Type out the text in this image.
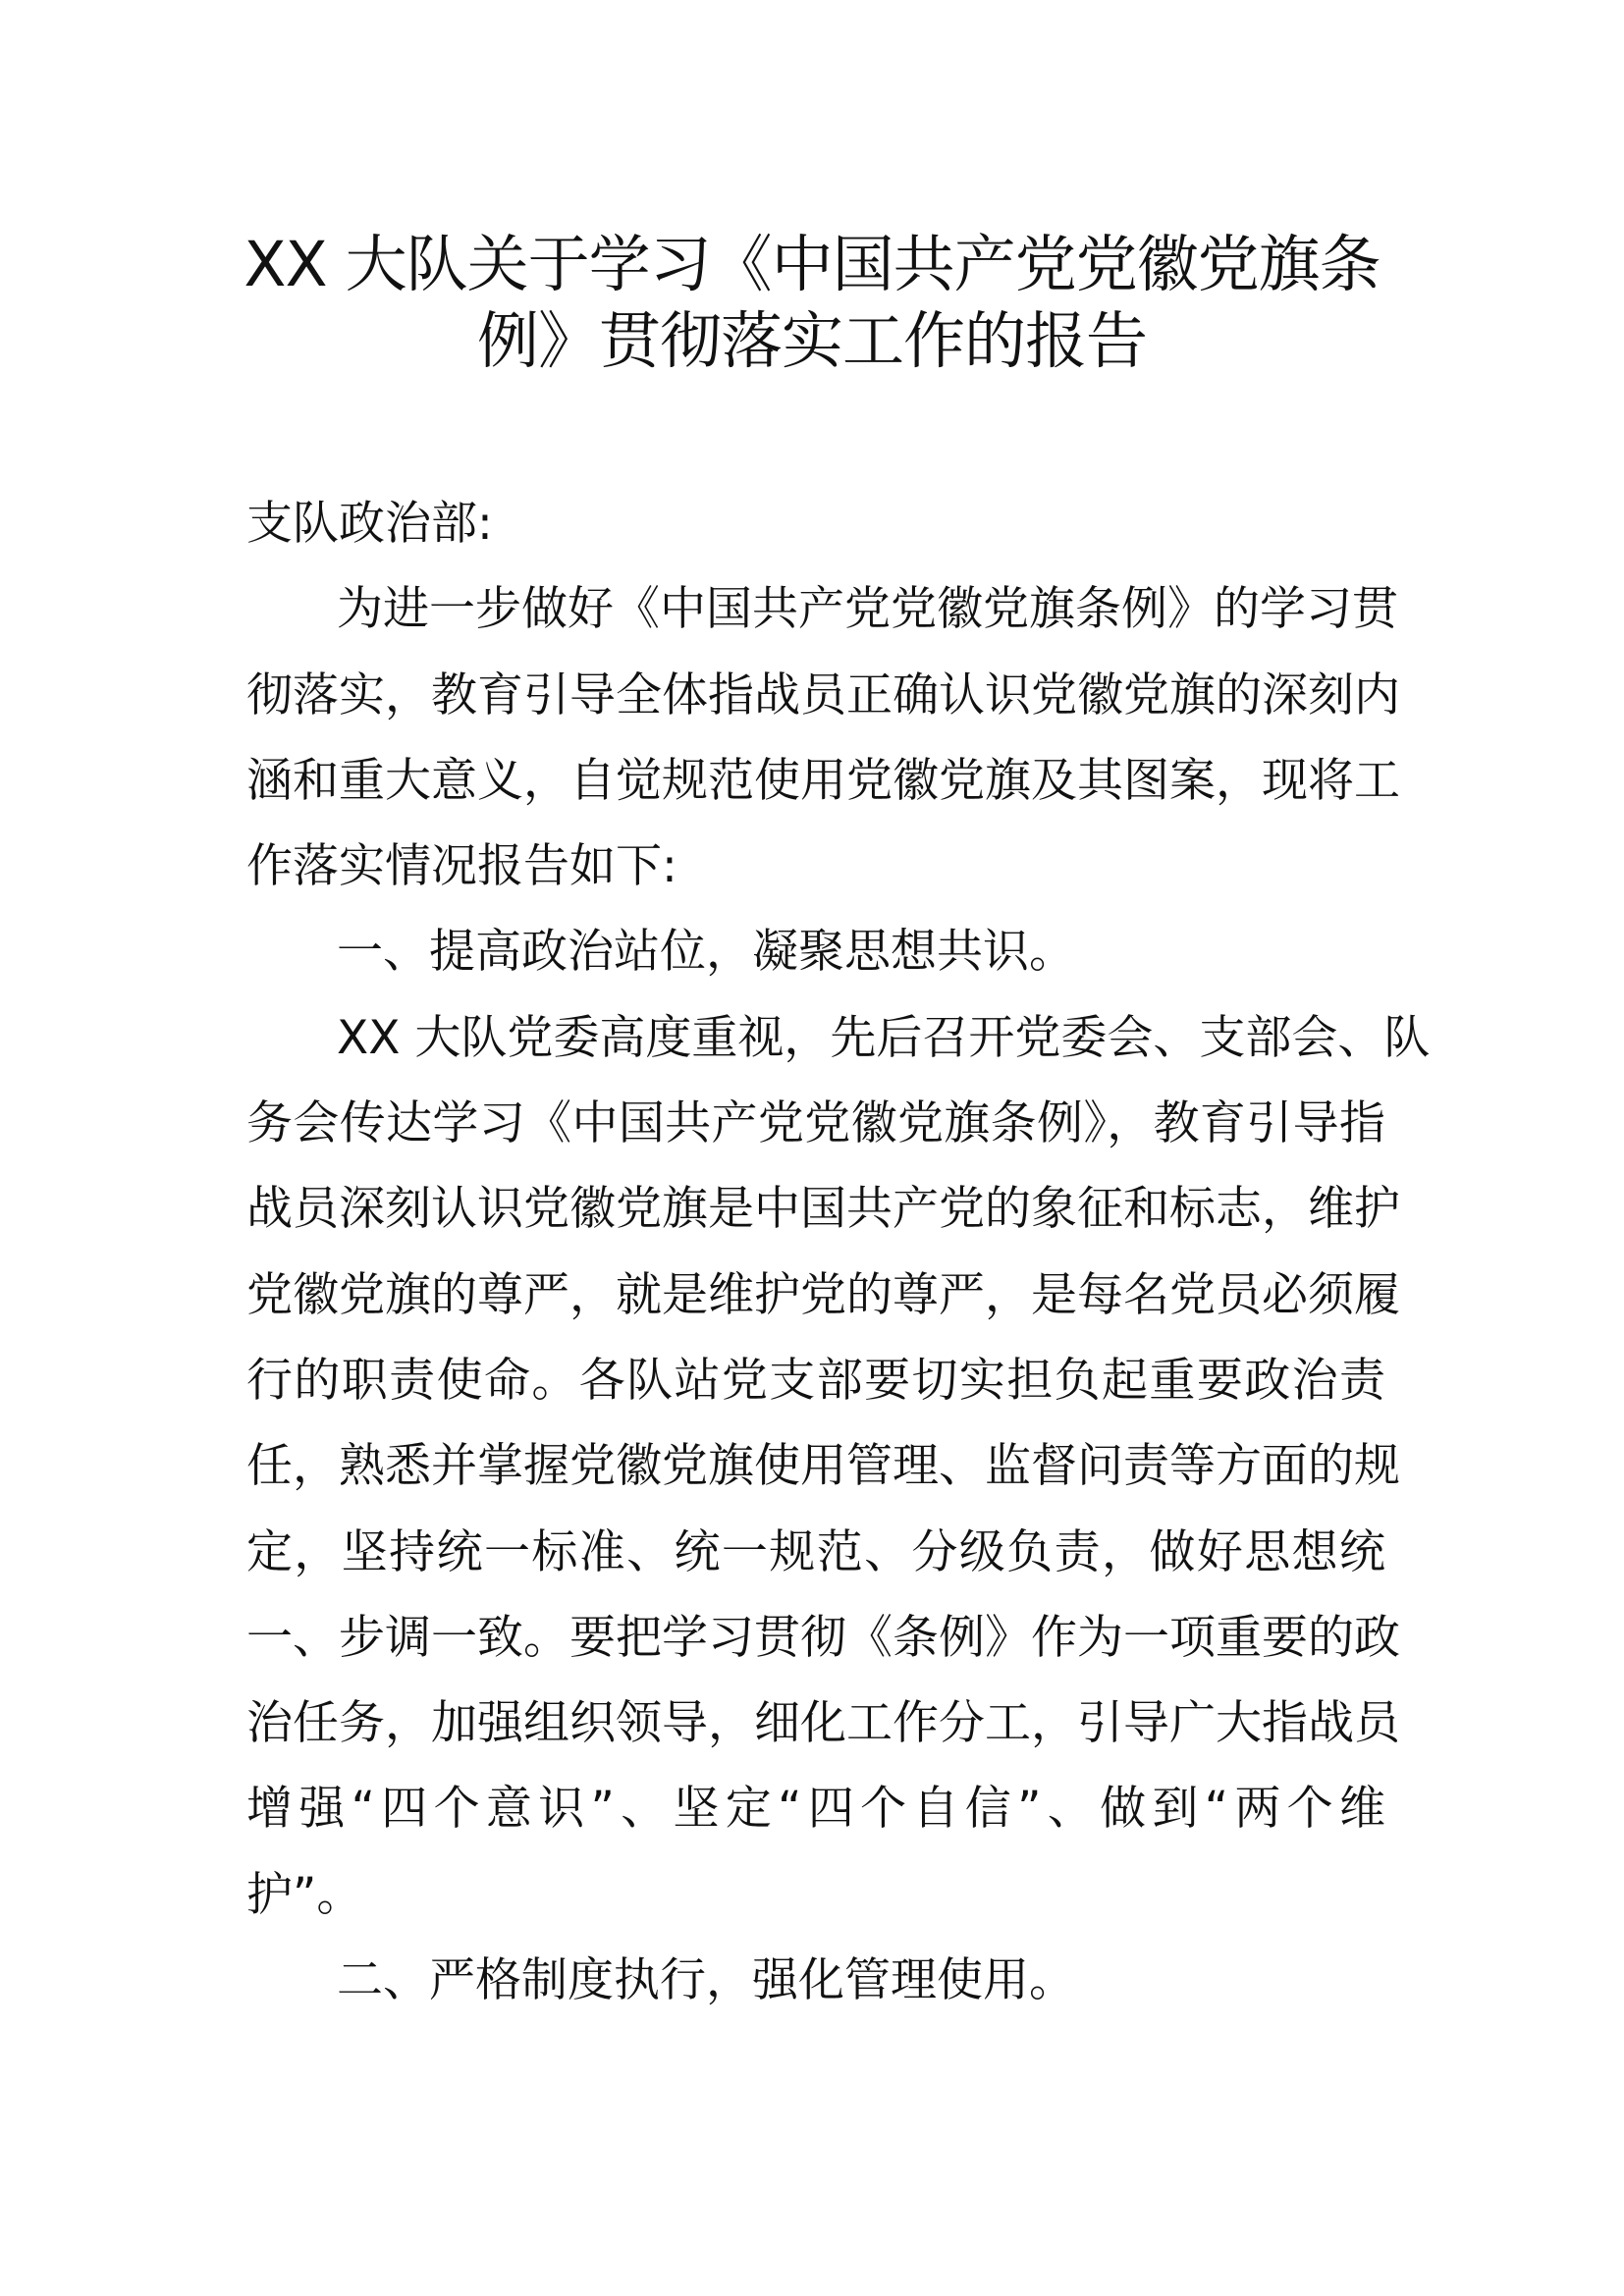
XX 大队关于学习《中国共产党党徽党旗条
例》贯彻落实工作的报告
支队政治部:
为进一步做好《中国共产党党徽党旗条例》的学习贯
彻落实，教育引导全体指战员正确认识党徽党旗的深刻内
涵和重大意义，自觉规范使用党徽党旗及其图案，现将工
作落实情况报告如下:
一、提高政治站位，凝聚思想共识。
XX 大队党委高度重视，先后召开党委会、支部会、队
务会传达学习《中国共产党党徽党旗条例》，教育引导指
战员深刻认识党徽党旗是中国共产党的象征和标志，维护
党徽党旗的尊严，就是维护党的尊严，是每名党员必须履
行的职责使命。各队站党支部要切实担负起重要政治责
任，熟悉并掌握党徽党旗使用管理、监督问责等方面的规
定，坚持统一标准、统一规范、分级负责，做好思想统
一、步调一致。要把学习贯彻《条例》作为一项重要的政
治任务，加强组织领导，细化工作分工，引导广大指战员
增强“四个意识”、坚定“四个自信”、做到“两个维
护”。
二、严格制度执行，强化管理使用。
